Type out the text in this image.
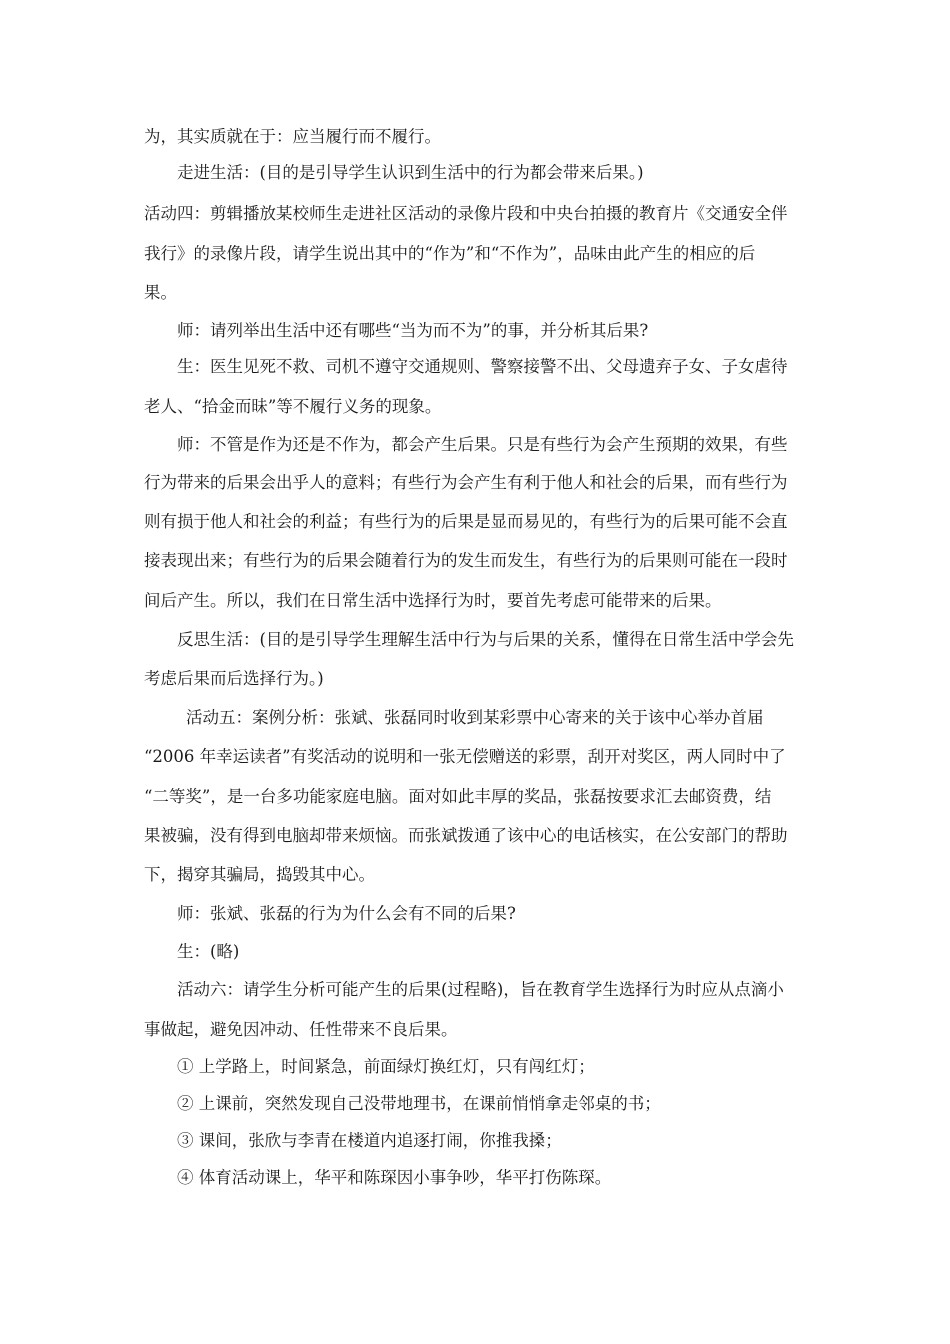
为，其实质就在于：应当履行而不履行。
走进生活：(目的是引导学生认识到生活中的行为都会带来后果。)
活动四：剪辑播放某校师生走进社区活动的录像片段和中央台拍摄的教育片《交通安全伴
我行》的录像片段，请学生说出其中的“作为”和“不作为”，品味由此产生的相应的后
果。
师：请列举出生活中还有哪些“当为而不为”的事，并分析其后果?
生：医生见死不救、司机不遵守交通规则、警察接警不出、父母遗弃子女、子女虐待
老人、“拾金而昧”等不履行义务的现象。
师：不管是作为还是不作为，都会产生后果。只是有些行为会产生预期的效果，有些
行为带来的后果会出乎人的意料；有些行为会产生有利于他人和社会的后果，而有些行为
则有损于他人和社会的利益；有些行为的后果是显而易见的，有些行为的后果可能不会直
接表现出来；有些行为的后果会随着行为的发生而发生，有些行为的后果则可能在一段时
间后产生。所以，我们在日常生活中选择行为时，要首先考虑可能带来的后果。
反思生活：(目的是引导学生理解生活中行为与后果的关系，懂得在日常生活中学会先
考虑后果而后选择行为。)
活动五：案例分析：张斌、张磊同时收到某彩票中心寄来的关于该中心举办首届
“2006 年幸运读者”有奖活动的说明和一张无偿赠送的彩票，刮开对奖区，两人同时中了
“二等奖”，是一台多功能家庭电脑。面对如此丰厚的奖品，张磊按要求汇去邮资费，结
果被骗，没有得到电脑却带来烦恼。而张斌拨通了该中心的电话核实，在公安部门的帮助
下，揭穿其骗局，捣毁其中心。
师：张斌、张磊的行为为什么会有不同的后果?
生：(略)
活动六：请学生分析可能产生的后果(过程略)，旨在教育学生选择行为时应从点滴小
事做起，避免因冲动、任性带来不良后果。
① 上学路上，时间紧急，前面绿灯换红灯，只有闯红灯；
② 上课前，突然发现自己没带地理书，在课前悄悄拿走邻桌的书；
③ 课间，张欣与李青在楼道内追逐打闹，你推我搡；
④ 体育活动课上，华平和陈琛因小事争吵，华平打伤陈琛。
